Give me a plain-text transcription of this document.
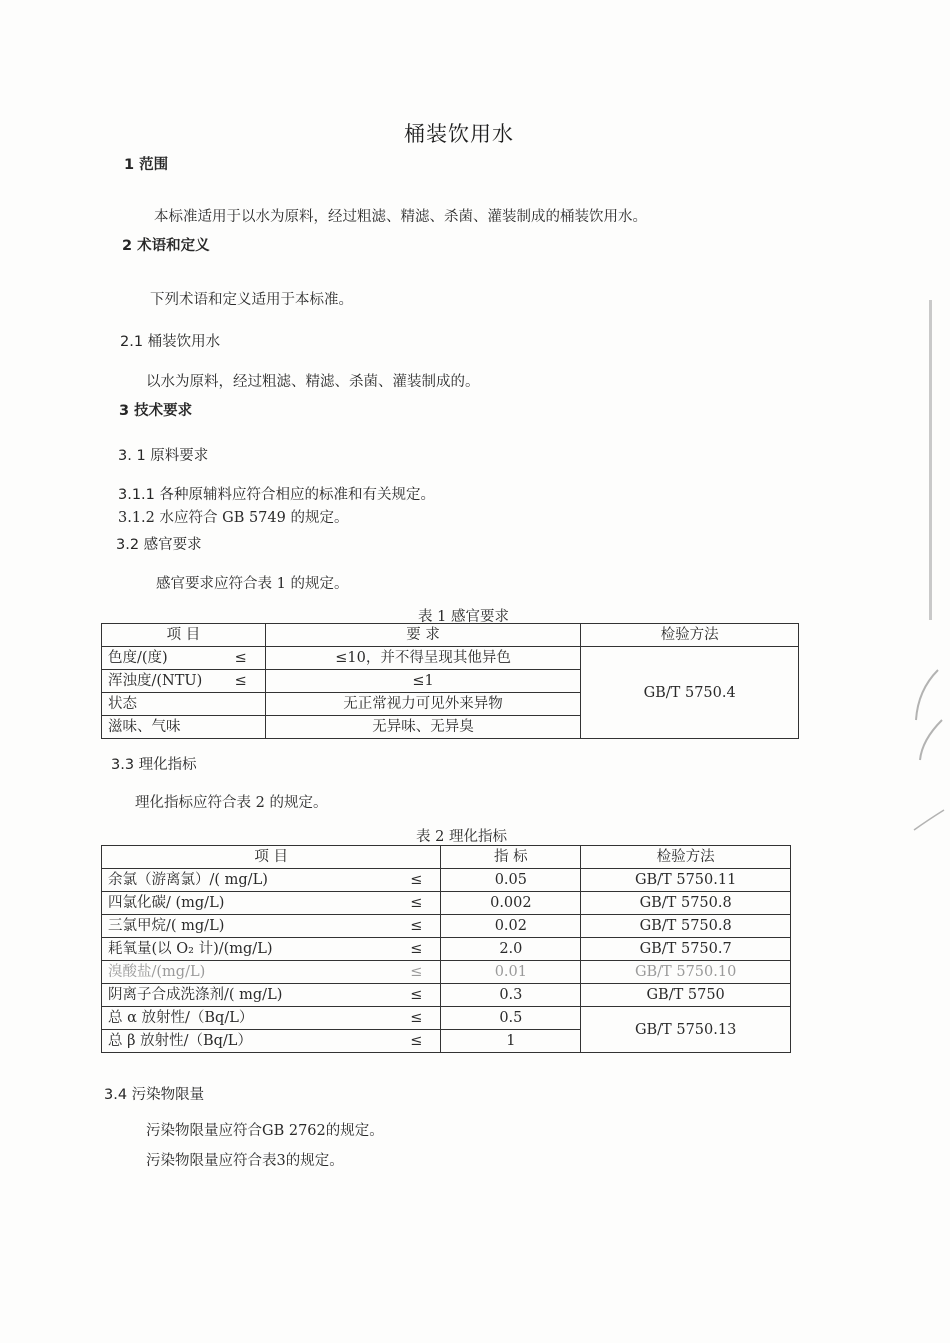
桶装饮用水
1 范围
本标准适用于以水为原料，经过粗滤、精滤、杀菌、灌装制成的桶装饮用水。
2 术语和定义
下列术语和定义适用于本标准。
2.1 桶装饮用水
以水为原料，经过粗滤、精滤、杀菌、灌装制成的。
3 技术要求
3. 1 原料要求
3.1.1 各种原辅料应符合相应的标准和有关规定。
3.1.2 水应符合 GB 5749 的规定。
3.2 感官要求
感官要求应符合表 1 的规定。
表 1 感官要求
项 目	要 求	检验方法
色度/(度) ≤	≤10，并不得呈现其他异色	GB/T 5750.4
浑浊度/(NTU) ≤	≤1	
状态	无正常视力可见外来异物	
滋味、气味	无异味、无异臭	
3.3 理化指标
理化指标应符合表 2 的规定。
表 2 理化指标
项 目	指 标	检验方法
余氯（游离氯）/( mg/L) ≤	0.05	GB/T 5750.11
四氯化碳/ (mg/L) ≤	0.002	GB/T 5750.8
三氯甲烷/( mg/L) ≤	0.02	GB/T 5750.8
耗氧量(以 O₂ 计)/(mg/L) ≤	2.0	GB/T 5750.7
溴酸盐/(mg/L) ≤	0.01	GB/T 5750.10
阴离子合成洗涤剂/( mg/L) ≤	0.3	GB/T 5750
总 α 放射性/（Bq/L） ≤	0.5	GB/T 5750.13
总 β 放射性/（Bq/L） ≤	1	
3.4 污染物限量
污染物限量应符合GB 2762的规定。
污染物限量应符合表3的规定。
